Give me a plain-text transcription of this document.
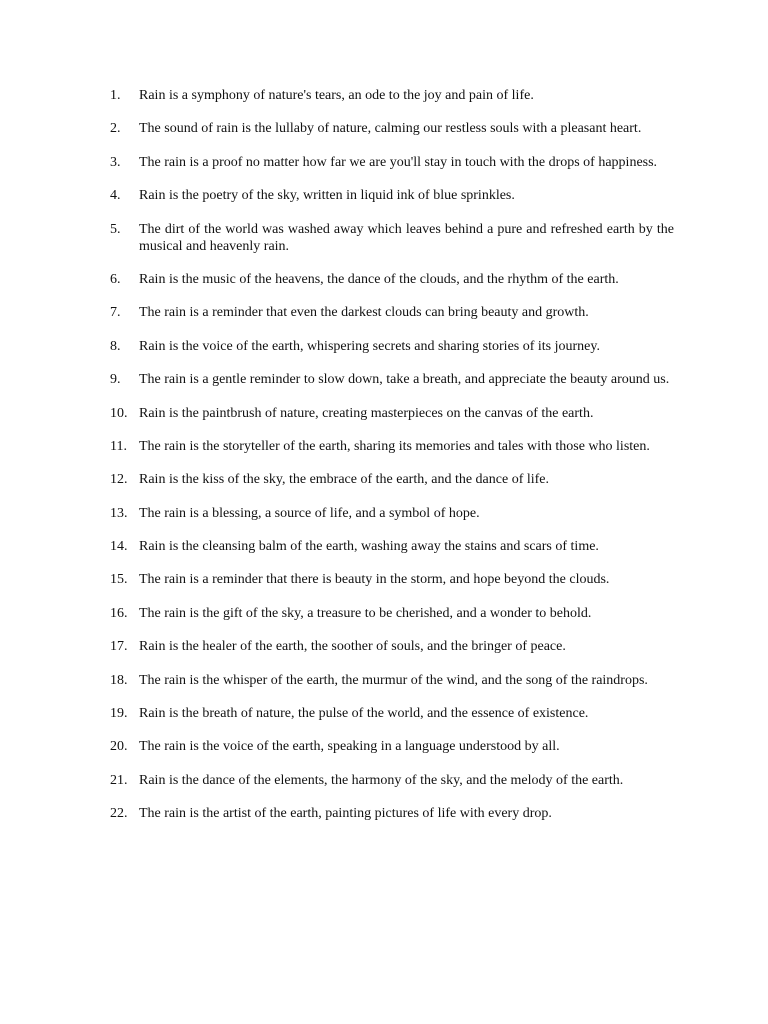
1.	Rain is a symphony of nature's tears, an ode to the joy and pain of life.
2.	The sound of rain is the lullaby of nature, calming our restless souls with a pleasant heart.
3.	The rain is a proof no matter how far we are you'll stay in touch with the drops of happiness.
4.	Rain is the poetry of the sky, written in liquid ink of blue sprinkles.
5.	The dirt of the world was washed away which leaves behind a pure and refreshed earth by the musical and heavenly rain.
6.	Rain is the music of the heavens, the dance of the clouds, and the rhythm of the earth.
7.	The rain is a reminder that even the darkest clouds can bring beauty and growth.
8.	Rain is the voice of the earth, whispering secrets and sharing stories of its journey.
9.	The rain is a gentle reminder to slow down, take a breath, and appreciate the beauty around us.
10. Rain is the paintbrush of nature, creating masterpieces on the canvas of the earth.
11. The rain is the storyteller of the earth, sharing its memories and tales with those who listen.
12. Rain is the kiss of the sky, the embrace of the earth, and the dance of life.
13. The rain is a blessing, a source of life, and a symbol of hope.
14. Rain is the cleansing balm of the earth, washing away the stains and scars of time.
15. The rain is a reminder that there is beauty in the storm, and hope beyond the clouds.
16. The rain is the gift of the sky, a treasure to be cherished, and a wonder to behold.
17. Rain is the healer of the earth, the soother of souls, and the bringer of peace.
18. The rain is the whisper of the earth, the murmur of the wind, and the song of the raindrops.
19. Rain is the breath of nature, the pulse of the world, and the essence of existence.
20. The rain is the voice of the earth, speaking in a language understood by all.
21. Rain is the dance of the elements, the harmony of the sky, and the melody of the earth.
22. The rain is the artist of the earth, painting pictures of life with every drop.
